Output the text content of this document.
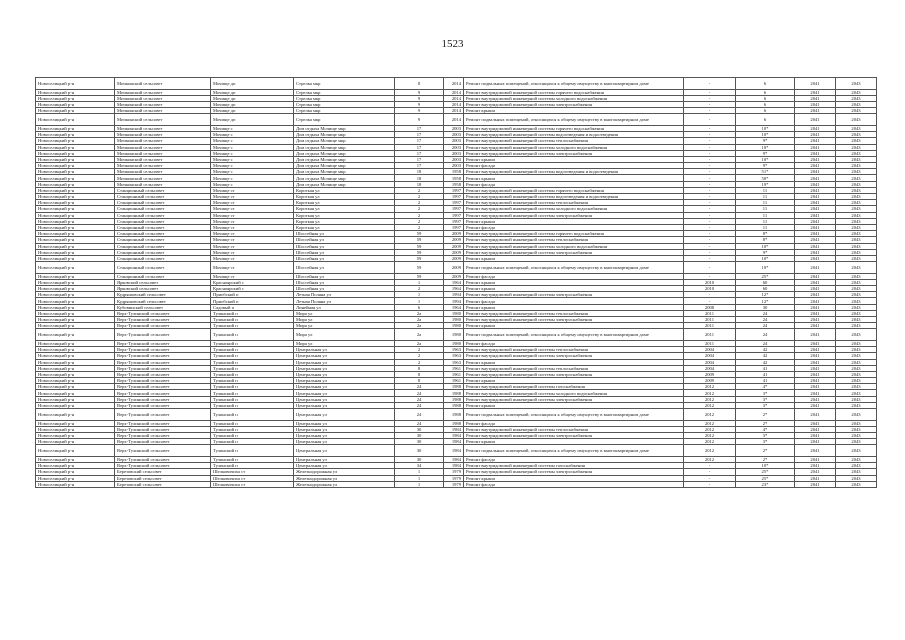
1523
Новоселицкий р-н	Мичкинский сельсовет	Мочище дп	Стрелка мкр	8	2014	Ремонт подвальных помещений, относящихся к общему имуществу в многоквартирном доме	-	6	2041	2043
Новоселицкий р-н	Мичкинский сельсовет	Мочище дп	Стрелка мкр	9	2014	Ремонт внутридомовой инженерной системы горячего водоснабжения	-	6	2041	2043
Новоселицкий р-н	Мичкинский сельсовет	Мочище дп	Стрелка мкр	9	2014	Ремонт внутридомовой инженерной системы холодного водоснабжения	-	6	2041	2043
Новоселицкий р-н	Мичкинский сельсовет	Мочище дп	Стрелка мкр	9	2014	Ремонт внутридомовой инженерной системы электроснабжения	-	6	2041	2043
Новоселицкий р-н	Мичкинский сельсовет	Мочище дп	Стрелка мкр	9	2014	Ремонт крыши	-	6	2041	2043
Новоселицкий р-н	Мичкинский сельсовет	Мочище дп	Стрелка мкр	9	2014	Ремонт подвальных помещений, относящихся к общему имуществу в многоквартирном доме	-	6	2041	2043
Новоселицкий р-н	Мичкинский сельсовет	Мочище с	Дом отдыха Мочище мкр	17	2003	Ремонт внутридомовой инженерной системы горячего водоснабжения	-	10*	2041	2043
Новоселицкий р-н	Мичкинский сельсовет	Мочище с	Дом отдыха Мочище мкр	17	2003	Ремонт внутридомовой инженерной системы водоотведения и водоотведения	-	10*	2041	2043
Новоселицкий р-н	Мичкинский сельсовет	Мочище с	Дом отдыха Мочище мкр	17	2003	Ремонт внутридомовой инженерной системы теплоснабжения	-	9*	2041	2043
Новоселицкий р-н	Мичкинский сельсовет	Мочище с	Дом отдыха Мочище мкр	17	2003	Ремонт внутридомовой инженерной системы холодного водоснабжения	-	10*	2041	2043
Новоселицкий р-н	Мичкинский сельсовет	Мочище с	Дом отдыха Мочище мкр	17	2003	Ремонт внутридомовой инженерной системы электроснабжения	-	9*	2041	2043
Новоселицкий р-н	Мичкинский сельсовет	Мочище с	Дом отдыха Мочище мкр	17	2003	Ремонт крыши	-	10*	2041	2043
Новоселицкий р-н	Мичкинский сельсовет	Мочище с	Дом отдыха Мочище мкр	17	2003	Ремонт фасада	-	9*	2041	2043
Новоселицкий р-н	Мичкинский сельсовет	Мочище с	Дом отдыха Мочище мкр	18	1958	Ремонт внутридомовой инженерной системы водоотведения и водоотведения	-	51*	2041	2043
Новоселицкий р-н	Мичкинский сельсовет	Мочище с	Дом отдыха Мочище мкр	18	1958	Ремонт крыши	-	50*	2041	2043
Новоселицкий р-н	Мичкинский сельсовет	Мочище с	Дом отдыха Мочище мкр	18	1958	Ремонт фасада	-	19*	2041	2043
Новоселицкий р-н	Станционный сельсовет	Мочище ст	Короткая ул	2	1997	Ремонт внутридомовой инженерной системы горячего водоснабжения	-	11	2041	2043
Новоселицкий р-н	Станционный сельсовет	Мочище ст	Короткая ул	2	1997	Ремонт внутридомовой инженерной системы водоотведения и водоотведения	-	11	2041	2043
Новоселицкий р-н	Станционный сельсовет	Мочище ст	Короткая ул	2	1997	Ремонт внутридомовой инженерной системы теплоснабжения	-	11	2041	2043
Новоселицкий р-н	Станционный сельсовет	Мочище ст	Короткая ул	2	1997	Ремонт внутридомовой инженерной системы холодного водоснабжения	-	11	2041	2043
Новоселицкий р-н	Станционный сельсовет	Мочище ст	Короткая ул	2	1997	Ремонт внутридомовой инженерной системы электроснабжения	-	11	2041	2043
Новоселицкий р-н	Станционный сельсовет	Мочище ст	Короткая ул	2	1997	Ремонт крыши	-	11	2041	2043
Новоселицкий р-н	Станционный сельсовет	Мочище ст	Короткая ул	2	1997	Ремонт фасада	-	11	2041	2043
Новоселицкий р-н	Станционный сельсовет	Мочище ст	Шоссейная ул	59	2009	Ремонт внутридомовой инженерной системы горячего водоснабжения	-	8*	2041	2043
Новоселицкий р-н	Станционный сельсовет	Мочище ст	Шоссейная ул	59	2009	Ремонт внутридомовой инженерной системы теплоснабжения	-	8*	2041	2043
Новоселицкий р-н	Станционный сельсовет	Мочище ст	Шоссейная ул	59	2009	Ремонт внутридомовой инженерной системы холодного водоснабжения	-	10*	2041	2043
Новоселицкий р-н	Станционный сельсовет	Мочище ст	Шоссейная ул	59	2009	Ремонт внутридомовой инженерной системы электроснабжения	-	9*	2041	2043
Новоселицкий р-н	Станционный сельсовет	Мочище ст	Шоссейная ул	59	2009	Ремонт крыши	-	10*	2041	2043
Новоселицкий р-н	Станционный сельсовет	Мочище ст	Шоссейная ул	59	2009	Ремонт подвальных помещений, относящихся к общему имуществу в многоквартирном доме	-	10*	2041	2043
Новоселицкий р-н	Станционный сельсовет	Мочище ст	Шоссейная ул	59	2009	Ремонт фасада	-	25*	2041	2043
Новоселицкий р-н	Ярковский сельсовет	Красноярский с	Шоссейная ул	1	1964	Ремонт крыши	2010	60	2041	2043
Новоселицкий р-н	Ярковский сельсовет	Красноярский с	Шоссейная ул	2	1964	Ремонт крыши	2010	60	2041	2043
Новоселицкий р-н	Кудряшовский сельсовет	Приобский п	Летная Поляна ул	1	1994	Ремонт внутридомовой инженерной системы электроснабжения	-	12*	2041	2043
Новоселицкий р-н	Кудряшовский сельсовет	Приобский п	Летная Поляна ул	1	1994	Ремонт фасада	-	12*	2041	2043
Новоселицкий р-н	Кубовинский сельсовет	Садовый п	Линейная ул	6	1964	Ремонт крыши	2008	30	2041	2043
Новоселицкий р-н	Верх-Тулинский сельсовет	Тулинский п	Мира ул	2а	1980	Ремонт внутридомовой инженерной системы теплоснабжения	2011	24	2041	2043
Новоселицкий р-н	Верх-Тулинский сельсовет	Тулинский п	Мира ул	2а	1980	Ремонт внутридомовой инженерной системы электроснабжения	2011	24	2041	2043
Новоселицкий р-н	Верх-Тулинский сельсовет	Тулинский п	Мира ул	2а	1980	Ремонт крыши	2011	24	2041	2043
Новоселицкий р-н	Верх-Тулинский сельсовет	Тулинский п	Мира ул	2а	1980	Ремонт подвальных помещений, относящихся к общему имуществу в многоквартирном доме	2011	24	2041	2043
Новоселицкий р-н	Верх-Тулинский сельсовет	Тулинский п	Мира ул	2а	1980	Ремонт фасада	2011	24	2041	2043
Новоселицкий р-н	Верх-Тулинский сельсовет	Тулинский п	Центральная ул	2	1963	Ремонт внутридомовой инженерной системы теплоснабжения	2004	42	2041	2043
Новоселицкий р-н	Верх-Тулинский сельсовет	Тулинский п	Центральная ул	2	1963	Ремонт внутридомовой инженерной системы электроснабжения	2004	42	2041	2043
Новоселицкий р-н	Верх-Тулинский сельсовет	Тулинский п	Центральная ул	2	1963	Ремонт крыши	2004	42	2041	2043
Новоселицкий р-н	Верх-Тулинский сельсовет	Тулинский п	Центральная ул	8	1961	Ремонт внутридомовой инженерной системы теплоснабжения	2004	41	2041	2043
Новоселицкий р-н	Верх-Тулинский сельсовет	Тулинский п	Центральная ул	8	1961	Ремонт внутридомовой инженерной системы электроснабжения	2009	41	2041	2043
Новоселицкий р-н	Верх-Тулинский сельсовет	Тулинский п	Центральная ул	8	1961	Ремонт крыши	2009	41	2041	2043
Новоселицкий р-н	Верх-Тулинский сельсовет	Тулинский п	Центральная ул	24	1988	Ремонт внутридомовой инженерной системы газоснабжения	2012	4*	2041	2043
Новоселицкий р-н	Верх-Тулинский сельсовет	Тулинский п	Центральная ул	24	1988	Ремонт внутридомовой инженерной системы холодного водоснабжения	2012	3*	2041	2043
Новоселицкий р-н	Верх-Тулинский сельсовет	Тулинский п	Центральная ул	24	1988	Ремонт внутридомовой инженерной системы электроснабжения	2012	3*	2041	2043
Новоселицкий р-н	Верх-Тулинский сельсовет	Тулинский п	Центральная ул	24	1988	Ремонт крыши	2012	3*	2041	2043
Новоселицкий р-н	Верх-Тулинский сельсовет	Тулинский п	Центральная ул	24	1988	Ремонт подвальных помещений, относящихся к общему имуществу в многоквартирном доме	2012	2*	2041	2043
Новоселицкий р-н	Верх-Тулинский сельсовет	Тулинский п	Центральная ул	24	1988	Ремонт фасада	2012	2*	2041	2043
Новоселицкий р-н	Верх-Тулинский сельсовет	Тулинский п	Центральная ул	30	1984	Ремонт внутридомовой инженерной системы теплоснабжения	2012	4*	2041	2043
Новоселицкий р-н	Верх-Тулинский сельсовет	Тулинский п	Центральная ул	30	1984	Ремонт внутридомовой инженерной системы электроснабжения	2012	3*	2041	2043
Новоселицкий р-н	Верх-Тулинский сельсовет	Тулинский п	Центральная ул	30	1984	Ремонт крыши	2012	3*	2041	2043
Новоселицкий р-н	Верх-Тулинский сельсовет	Тулинский п	Центральная ул	30	1984	Ремонт подвальных помещений, относящихся к общему имуществу в многоквартирном доме	2012	2*	2041	2043
Новоселицкий р-н	Верх-Тулинский сельсовет	Тулинский п	Центральная ул	30	1984	Ремонт фасада	2012	2*	2041	2043
Новоселицкий р-н	Верх-Тулинский сельсовет	Тулинский п	Центральная ул	34	1984	Ремонт внутридомовой инженерной системы газоснабжения	-	10*	2041	2043
Новоселицкий р-н	Березовский сельсовет	Шелковичиха ст	Железнодорожная ул	1	1979	Ремонт внутридомовой инженерной системы электроснабжения	-	25*	2041	2043
Новоселицкий р-н	Березовский сельсовет	Шелковичиха ст	Железнодорожная ул	1	1979	Ремонт крыши	-	25*	2041	2043
Новоселицкий р-н	Березовский сельсовет	Шелковичиха ст	Железнодорожная ул	1	1979	Ремонт фасада	-	23*	2041	2043
